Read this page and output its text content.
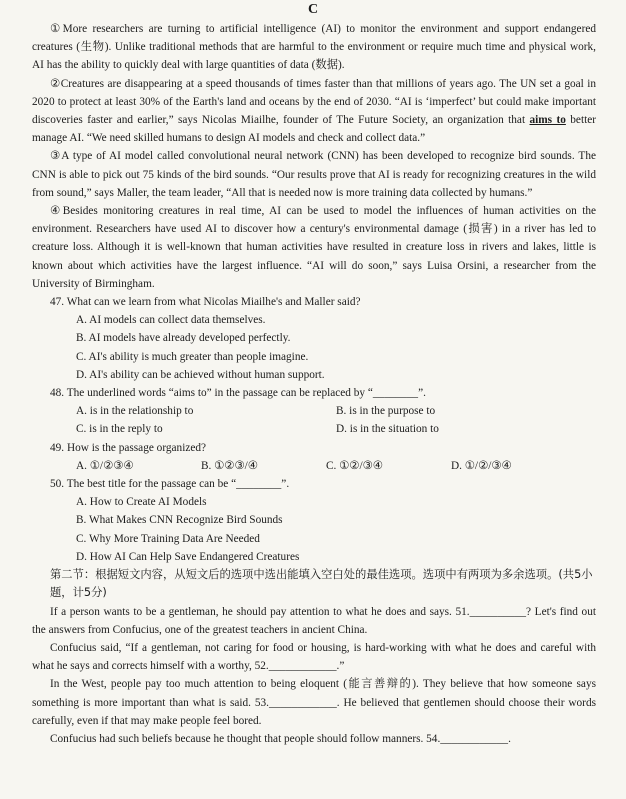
C

①More researchers are turning to artificial intelligence (AI) to monitor the environment and support endangered creatures (生物). Unlike traditional methods that are harmful to the environment or require much time and physical work, AI has the ability to quickly deal with large quantities of data (数据).

②Creatures are disappearing at a speed thousands of times faster than that millions of years ago. The UN set a goal in 2020 to protect at least 30% of the Earth's land and oceans by the end of 2030. “AI is ‘imperfect’ but could make important discoveries faster and earlier,” says Nicolas Miailhe, founder of The Future Society, an organization that aims to better manage AI. “We need skilled humans to design AI models and check and collect data.”

③A type of AI model called convolutional neural network (CNN) has been developed to recognize bird sounds. The CNN is able to pick out 75 kinds of the bird sounds. “Our results prove that AI is ready for recognizing creatures in the wild from sound,” says Maller, the team leader, “All that is needed now is more training data collected by humans.”

④Besides monitoring creatures in real time, AI can be used to model the influences of human activities on the environment. Researchers have used AI to discover how a century's environmental damage (损害) in a river has led to creature loss. Although it is well-known that human activities have resulted in creature loss in rivers and lakes, little is known about which activities have the largest influence. “AI will do soon,” says Luisa Orsini, a researcher from the University of Birmingham.

47. What can we learn from what Nicolas Miailhe's and Maller said?
A. AI models can collect data themselves.
B. AI models have already developed perfectly.
C. AI's ability is much greater than people imagine.
D. AI's ability can be achieved without human support.
48. The underlined words “aims to” in the passage can be replaced by “________”.
A. is in the relationship to	B. is in the purpose to
C. is in the reply to	D. is in the situation to
49. How is the passage organized?
A. ①/②③④	B. ①②③/④	C. ①②/③④	D. ①/②/③④
50. The best title for the passage can be “________”.
A. How to Create AI Models
B. What Makes CNN Recognize Bird Sounds
C. Why More Training Data Are Needed
D. How AI Can Help Save Endangered Creatures
第二节：根据短文内容，从短文后的选项中选出能填入空白处的最佳选项。选项中有两项为多余选项。(共5小题，计5分)

If a person wants to be a gentleman, he should pay attention to what he does and says. 51.__________? Let's find out the answers from Confucius, one of the greatest teachers in ancient China.

Confucius said, “If a gentleman, not caring for food or housing, is hard-working with what he does and careful with what he says and corrects himself with a worthy, 52.____________.”

In the West, people pay too much attention to being eloquent (能言善辩的). They believe that how someone says something is more important than what is said. 53.____________. He believed that gentlemen should choose their words carefully, even if that may make people feel bored.

Confucius had such beliefs because he thought that people should follow manners. 54.____________.
